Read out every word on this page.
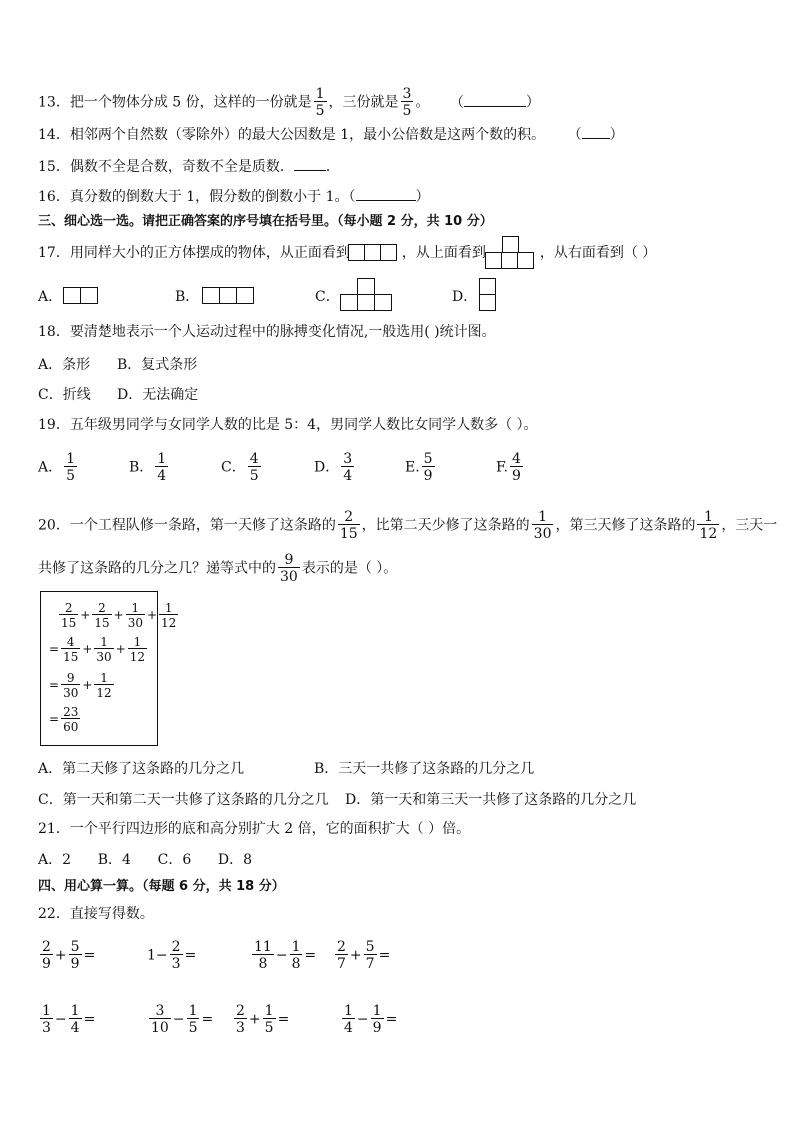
13．把一个物体分成 5 份，这样的一份就是 $\frac{1}{5}$ ，三份就是 $\frac{3}{5}$ 。 （	）
14．相邻两个自然数（零除外）的最大公因数是 1，最小公倍数是这两个数的积。 （ ）
15．偶数不全是合数，奇数不全是质数． ．
16．真分数的倒数大于 1，假分数的倒数小于 1。（	）
三、细心选一选。请把正确答案的序号填在括号里。（每小题 2 分，共 10 分）
17．用同样大小的正方体摆成的物体，从正面看到	，从上面看到	，从右面看到（ ）
A．	B．	C．	D．
18．要清楚地表示一个人运动过程中的脉搏变化情况,一般选用( )统计图。
A．条形 B．复式条形
C．折线 D．无法确定
19．五年级男同学与女同学人数的比是 5：4，男同学人数比女同学人数多（ ）。
A． $\frac{1}{5}$	B． $\frac{1}{4}$	C． $\frac{4}{5}$	D． $\frac{3}{4}$	E. $\frac{5}{9}$	F. $\frac{4}{9}$
20．一个工程队修一条路，第一天修了这条路的 $\frac{2}{15}$ ，比第二天少修了这条路的 $\frac{1}{30}$ ，第三天修了这条路的 $\frac{1}{12}$ ，三天一
共修了这条路的几分之几？递等式中的 $\frac{9}{30}$ 表示的是（ ）。
$\frac{2}{15} + \frac{2}{15} + \frac{1}{30} + \frac{1}{12}$
= $\frac{4}{15} + \frac{1}{30} + \frac{1}{12}$
= $\frac{9}{30} + \frac{1}{12}$
= $\frac{23}{60}$
A．第二天修了这条路的几分之几	B．三天一共修了这条路的几分之几
C．第一天和第二天一共修了这条路的几分之几 D．第一天和第三天一共修了这条路的几分之几
21．一个平行四边形的底和高分别扩大 2 倍，它的面积扩大（ ）倍。
A．2      B．4      C．6      D．8
四、用心算一算。（每题 6 分，共 18 分）
22．直接写得数。
$\frac{2}{9} + \frac{5}{9}$ =	$1- \frac{2}{3}$ =	$\frac{11}{8} - \frac{1}{8} = \frac{2}{7} + \frac{5}{7}$ =
$\frac{1}{3} - \frac{1}{4}$ =	$\frac{3}{10} - \frac{1}{5} = \frac{2}{3} + \frac{1}{5}$ =	$\frac{1}{4} - \frac{1}{9}$ =
